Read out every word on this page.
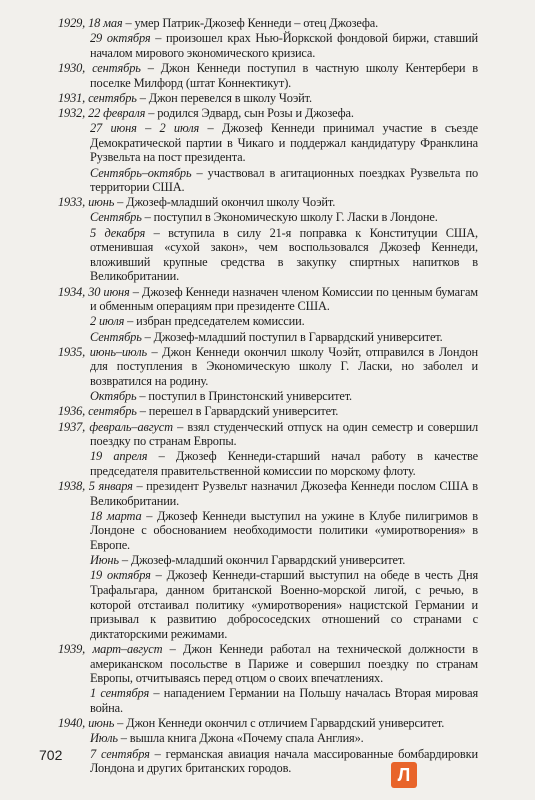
1929, 18 мая – умер Патрик-Джозеф Кеннеди – отец Джозефа.

29 октября – произошел крах Нью-Йоркской фондовой биржи, ставший началом мирового экономического кризиса.

1930, сентябрь – Джон Кеннеди поступил в частную школу Кентербери в поселке Милфорд (штат Коннектикут).

1931, сентябрь – Джон перевелся в школу Чоэйт.

1932, 22 февраля – родился Эдвард, сын Розы и Джозефа.

27 июня – 2 июля – Джозеф Кеннеди принимал участие в съезде Демократической партии в Чикаго и поддержал кандидатуру Франклина Рузвельта на пост президента.

Сентябрь–октябрь – участвовал в агитационных поездках Рузвельта по территории США.

1933, июнь – Джозеф-младший окончил школу Чоэйт.

Сентябрь – поступил в Экономическую школу Г. Ласки в Лондоне.

5 декабря – вступила в силу 21-я поправка к Конституции США, отменившая «сухой закон», чем воспользовался Джозеф Кеннеди, вложивший крупные средства в закупку спиртных напитков в Великобритании.

1934, 30 июня – Джозеф Кеннеди назначен членом Комиссии по ценным бумагам и обменным операциям при президенте США.

2 июля – избран председателем комиссии.

Сентябрь – Джозеф-младший поступил в Гарвардский университет.

1935, июнь–июль – Джон Кеннеди окончил школу Чоэйт, отправился в Лондон для поступления в Экономическую школу Г. Ласки, но заболел и возвратился на родину.

Октябрь – поступил в Принстонский университет.

1936, сентябрь – перешел в Гарвардский университет.

1937, февраль–август – взял студенческий отпуск на один семестр и совершил поездку по странам Европы.

19 апреля – Джозеф Кеннеди-старший начал работу в качестве председателя правительственной комиссии по морскому флоту.

1938, 5 января – президент Рузвельт назначил Джозефа Кеннеди послом США в Великобритании.

18 марта – Джозеф Кеннеди выступил на ужине в Клубе пилигримов в Лондоне с обоснованием необходимости политики «умиротворения» в Европе.

Июнь – Джозеф-младший окончил Гарвардский университет.

19 октября – Джозеф Кеннеди-старший выступил на обеде в честь Дня Трафальгара, данном британской Военно-морской лигой, с речью, в которой отстаивал политику «умиротворения» нацистской Германии и призывал к развитию добрососедских отношений со странами с диктаторскими режимами.

1939, март–август – Джон Кеннеди работал на технической должности в американском посольстве в Париже и совершил поездку по странам Европы, отчитываясь перед отцом о своих впечатлениях.

1 сентября – нападением Германии на Польшу началась Вторая мировая война.

1940, июнь – Джон Кеннеди окончил с отличием Гарвардский университет.

Июль – вышла книга Джона «Почему спала Англия».

7 сентября – германская авиация начала массированные бомбардировки Лондона и других британских городов.

702
Л
